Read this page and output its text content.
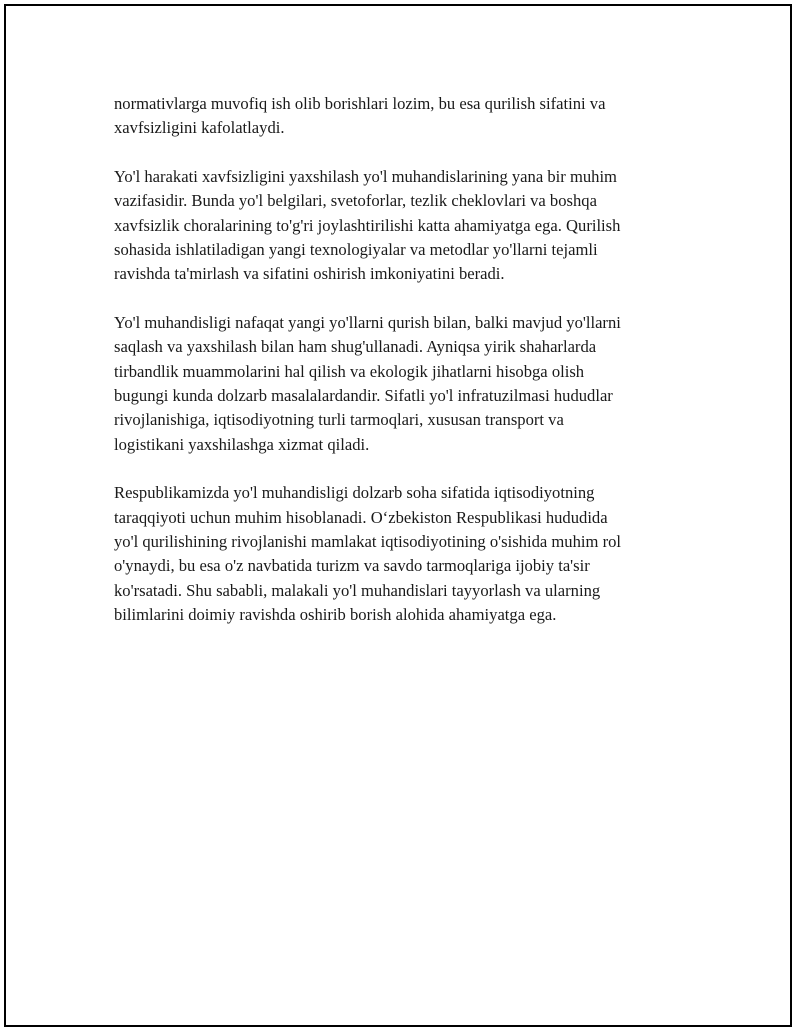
normativlarga muvofiq ish olib borishlari lozim, bu esa qurilish sifatini va
xavfsizligini kafolatlaydi.

Yo'l harakati xavfsizligini yaxshilash yo'l muhandislarining yana bir muhim
vazifasidir. Bunda yo'l belgilari, svetoforlar, tezlik cheklovlari va boshqa
xavfsizlik choralarining to'g'ri joylashtirilishi katta ahamiyatga ega. Qurilish
sohasida ishlatiladigan yangi texnologiyalar va metodlar yo'llarni tejamli
ravishda ta'mirlash va sifatini oshirish imkoniyatini beradi.

Yo'l muhandisligi nafaqat yangi yo'llarni qurish bilan, balki mavjud yo'llarni
saqlash va yaxshilash bilan ham shug'ullanadi. Ayniqsa yirik shaharlarda
tirbandlik muammolarini hal qilish va ekologik jihatlarni hisobga olish
bugungi kunda dolzarb masalalardandir. Sifatli yo'l infratuzilmasi hududlar
rivojlanishiga, iqtisodiyotning turli tarmoqlari, xususan transport va
logistikani yaxshilashga xizmat qiladi.

Respublikamizda yo'l muhandisligi dolzarb soha sifatida iqtisodiyotning
taraqqiyoti uchun muhim hisoblanadi. O‘zbekiston Respublikasi hududida
yo'l qurilishining rivojlanishi mamlakat iqtisodiyotining o'sishida muhim rol
o'ynaydi, bu esa o'z navbatida turizm va savdo tarmoqlariga ijobiy ta'sir
ko'rsatadi. Shu sababli, malakali yo'l muhandislari tayyorlash va ularning
bilimlarini doimiy ravishda oshirib borish alohida ahamiyatga ega.
